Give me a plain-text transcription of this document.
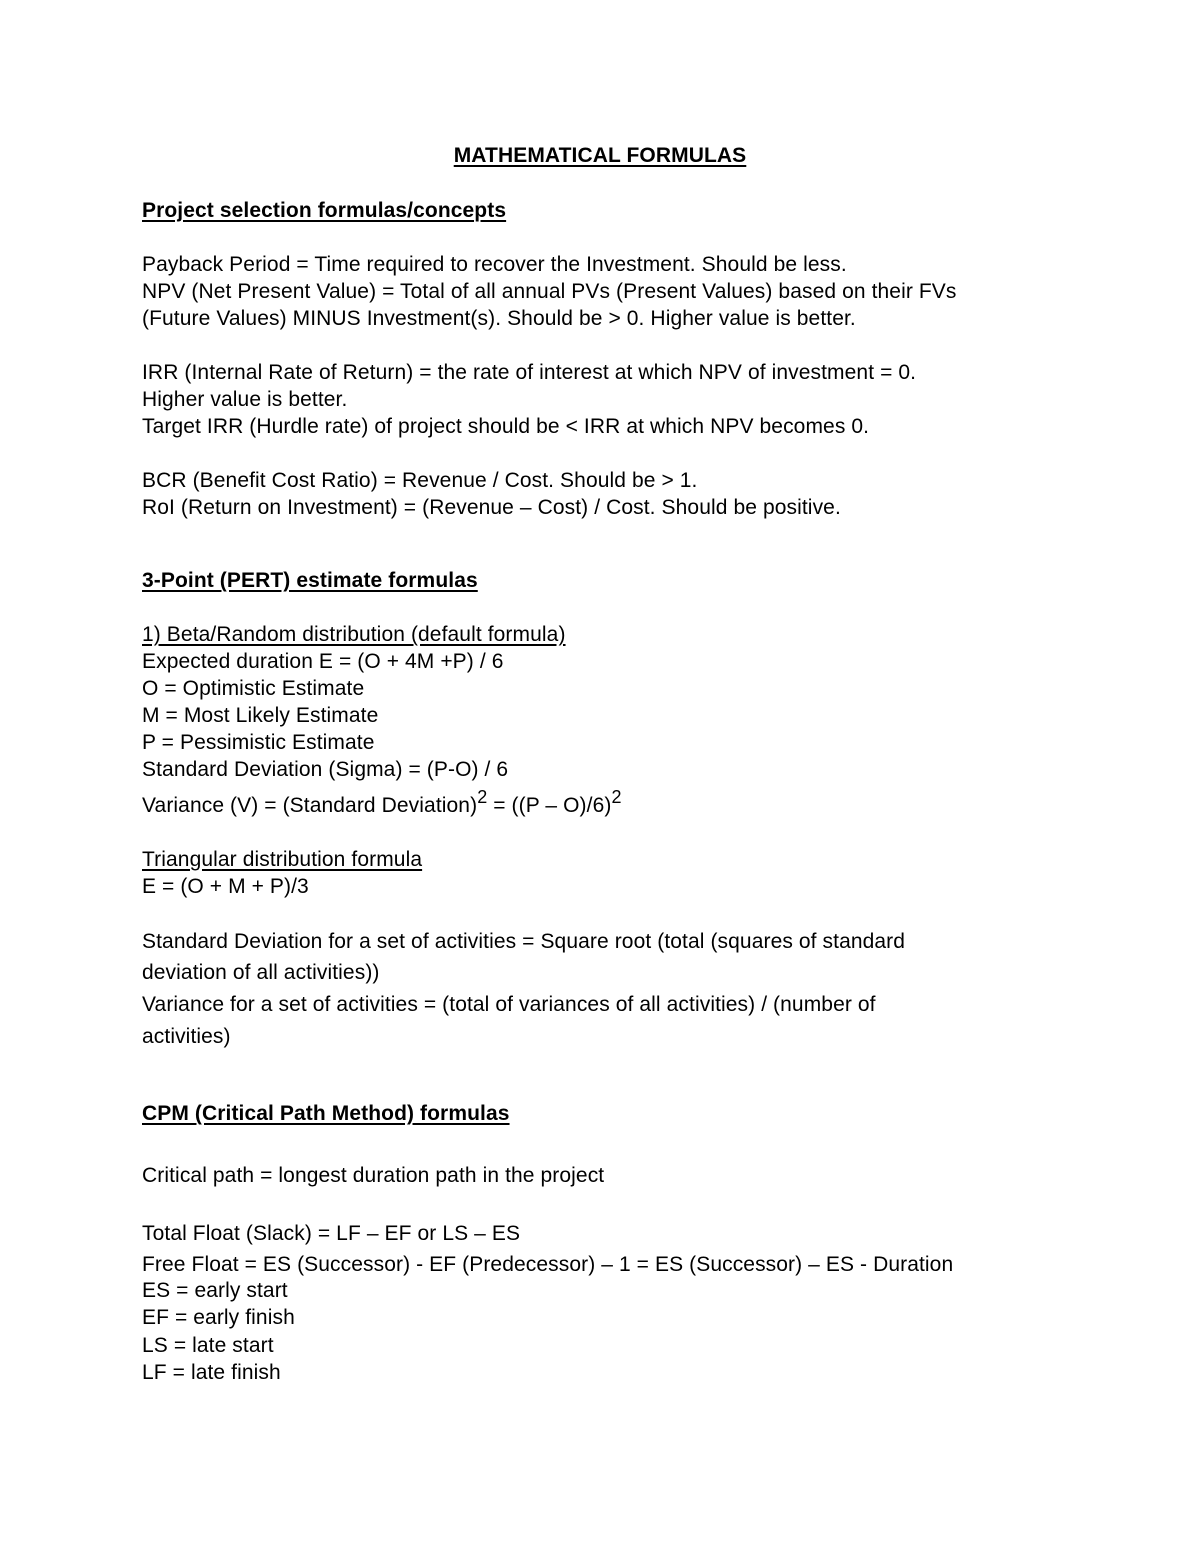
MATHEMATICAL FORMULAS
Project selection formulas/concepts
Payback Period = Time required to recover the Investment. Should be less.
NPV (Net Present Value) = Total of all annual PVs (Present Values) based on their FVs
(Future Values) MINUS Investment(s). Should be > 0. Higher value is better.
IRR (Internal Rate of Return) = the rate of interest at which NPV of investment = 0.
Higher value is better.
Target IRR (Hurdle rate) of project should be < IRR at which NPV becomes 0.
BCR (Benefit Cost Ratio) = Revenue / Cost. Should be > 1.
RoI (Return on Investment) = (Revenue – Cost) / Cost. Should be positive.
3-Point (PERT) estimate formulas
1) Beta/Random distribution (default formula)
Expected duration E = (O + 4M +P) / 6
O = Optimistic Estimate
M = Most Likely Estimate
P = Pessimistic Estimate
Standard Deviation (Sigma) = (P-O) / 6
Variance (V) = (Standard Deviation)$^2$ = ((P – O)/6)$^2$
Triangular distribution formula
E = (O + M + P)/3
Standard Deviation for a set of activities = Square root (total (squares of standard
deviation of all activities))
Variance for a set of activities = (total of variances of all activities) / (number of
activities)
CPM (Critical Path Method) formulas
Critical path = longest duration path in the project
Total Float (Slack) = LF – EF or LS – ES
Free Float = ES (Successor) - EF (Predecessor) – 1 = ES (Successor) – ES - Duration
ES = early start
EF = early finish
LS = late start
LF = late finish
